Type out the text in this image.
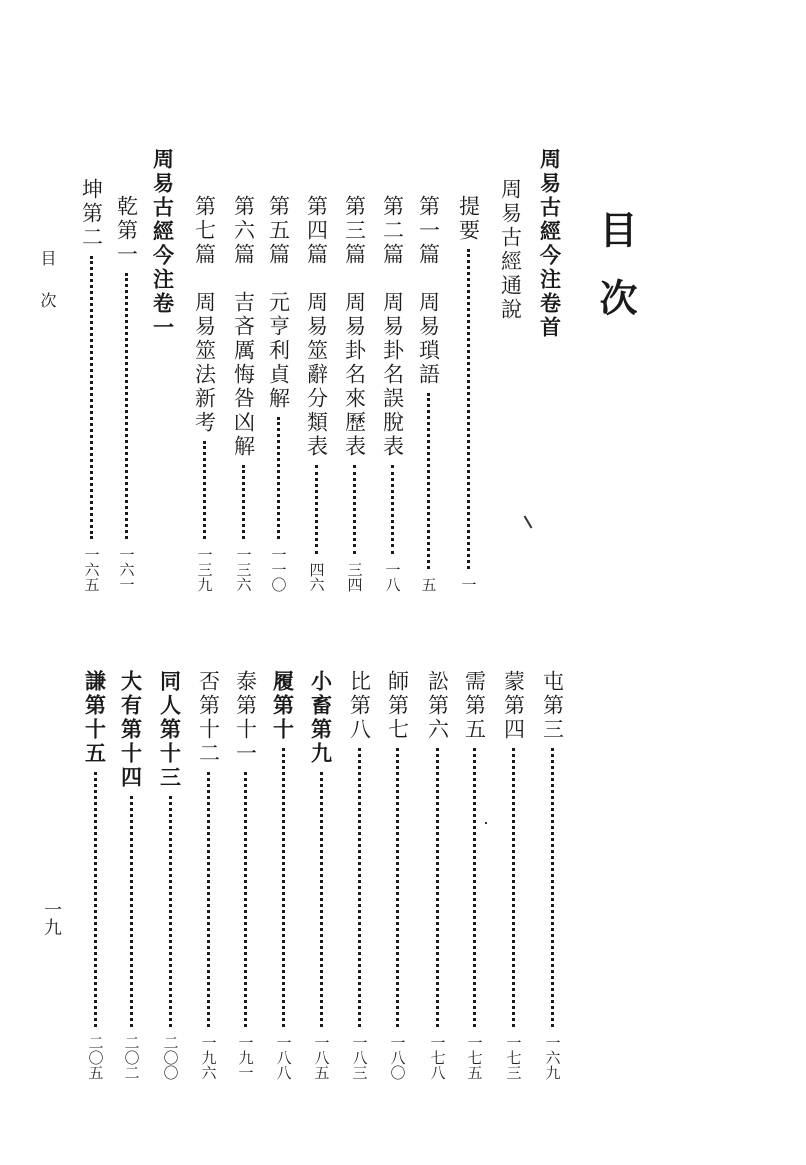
目次
目次
一九
周易古經今注卷首
周易古經通說
提要
一
第一篇　周易瑣語
五
第二篇　周易卦名誤脫表
一八
第三篇　周易卦名來歷表
三四
第四篇　周易筮辭分類表
四六
第五篇　元亨利貞解
一一〇
第六篇　吉吝厲悔咎凶解
一三六
第七篇　周易筮法新考
一三九
周易古經今注卷一
乾第一
一六一
坤第二
一六五
屯第三
一六九
蒙第四
一七三
需第五
一七五
訟第六
一七八
師第七
一八〇
比第八
一八三
小畜第九
一八五
履第十
一八八
泰第十一
一九一
否第十二
一九六
同人第十三
二〇〇
大有第十四
二〇二
謙第十五
二〇五
